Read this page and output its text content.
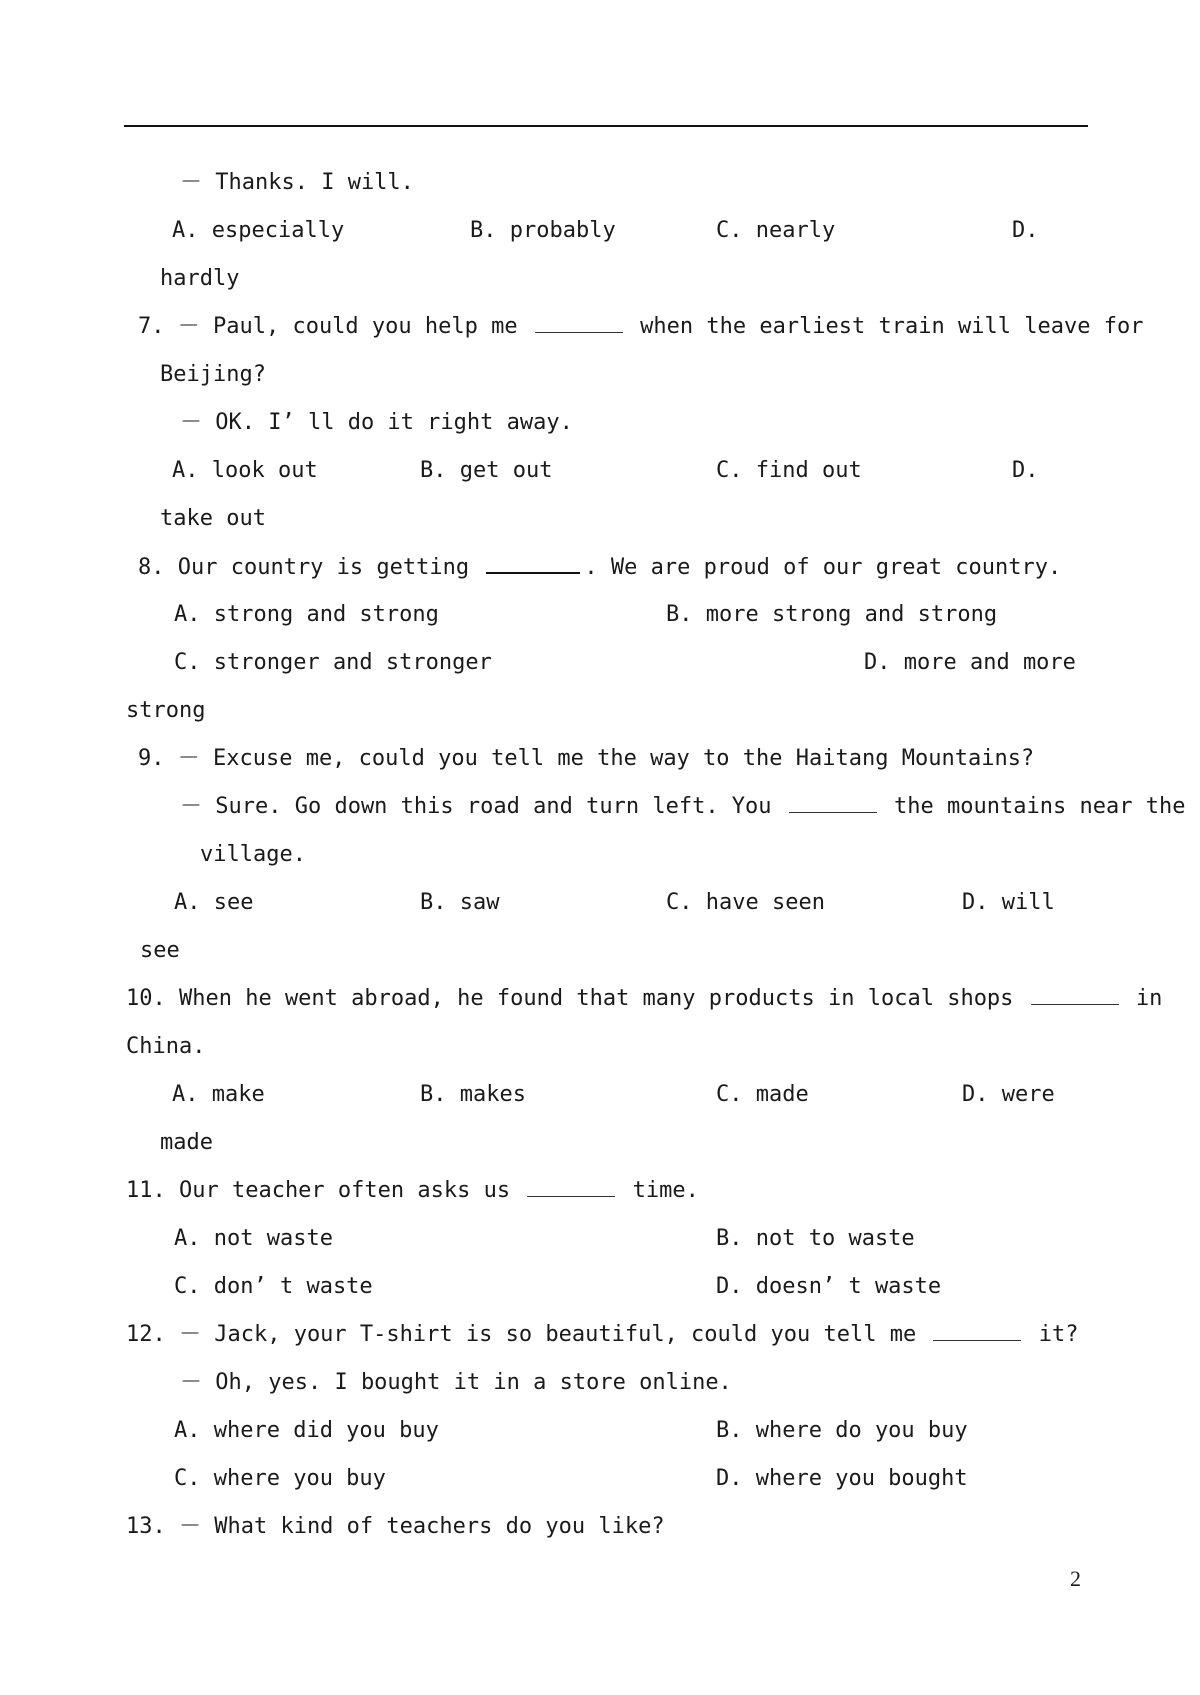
－ Thanks. I will.
A. especially	B. probably	C. nearly	D.
hardly
7. － Paul, could you help me	when the earliest train will leave for
Beijing?
－ OK. I’ ll do it right away.
A. look out	B. get out	C. find out	D.
take out
8. Our country is getting	. We are proud of our great country.
A. strong and strong	B. more strong and strong
C. stronger and stronger	D. more and more
strong
9. － Excuse me, could you tell me the way to the Haitang Mountains?
－ Sure. Go down this road and turn left. You	the mountains near the
village.
A. see	B. saw	C. have seen	D. will
see
10. When he went abroad, he found that many products in local shops	in
China.
A. make	B. makes	C. made	D. were
made
11. Our teacher often asks us	time.
A. not waste	B. not to waste
C. don’ t waste	D. doesn’ t waste
12. － Jack, your T-shirt is so beautiful, could you tell me	it?
－ Oh, yes. I bought it in a store online.
A. where did you buy	B. where do you buy
C. where you buy	D. where you bought
13. － What kind of teachers do you like?
2
